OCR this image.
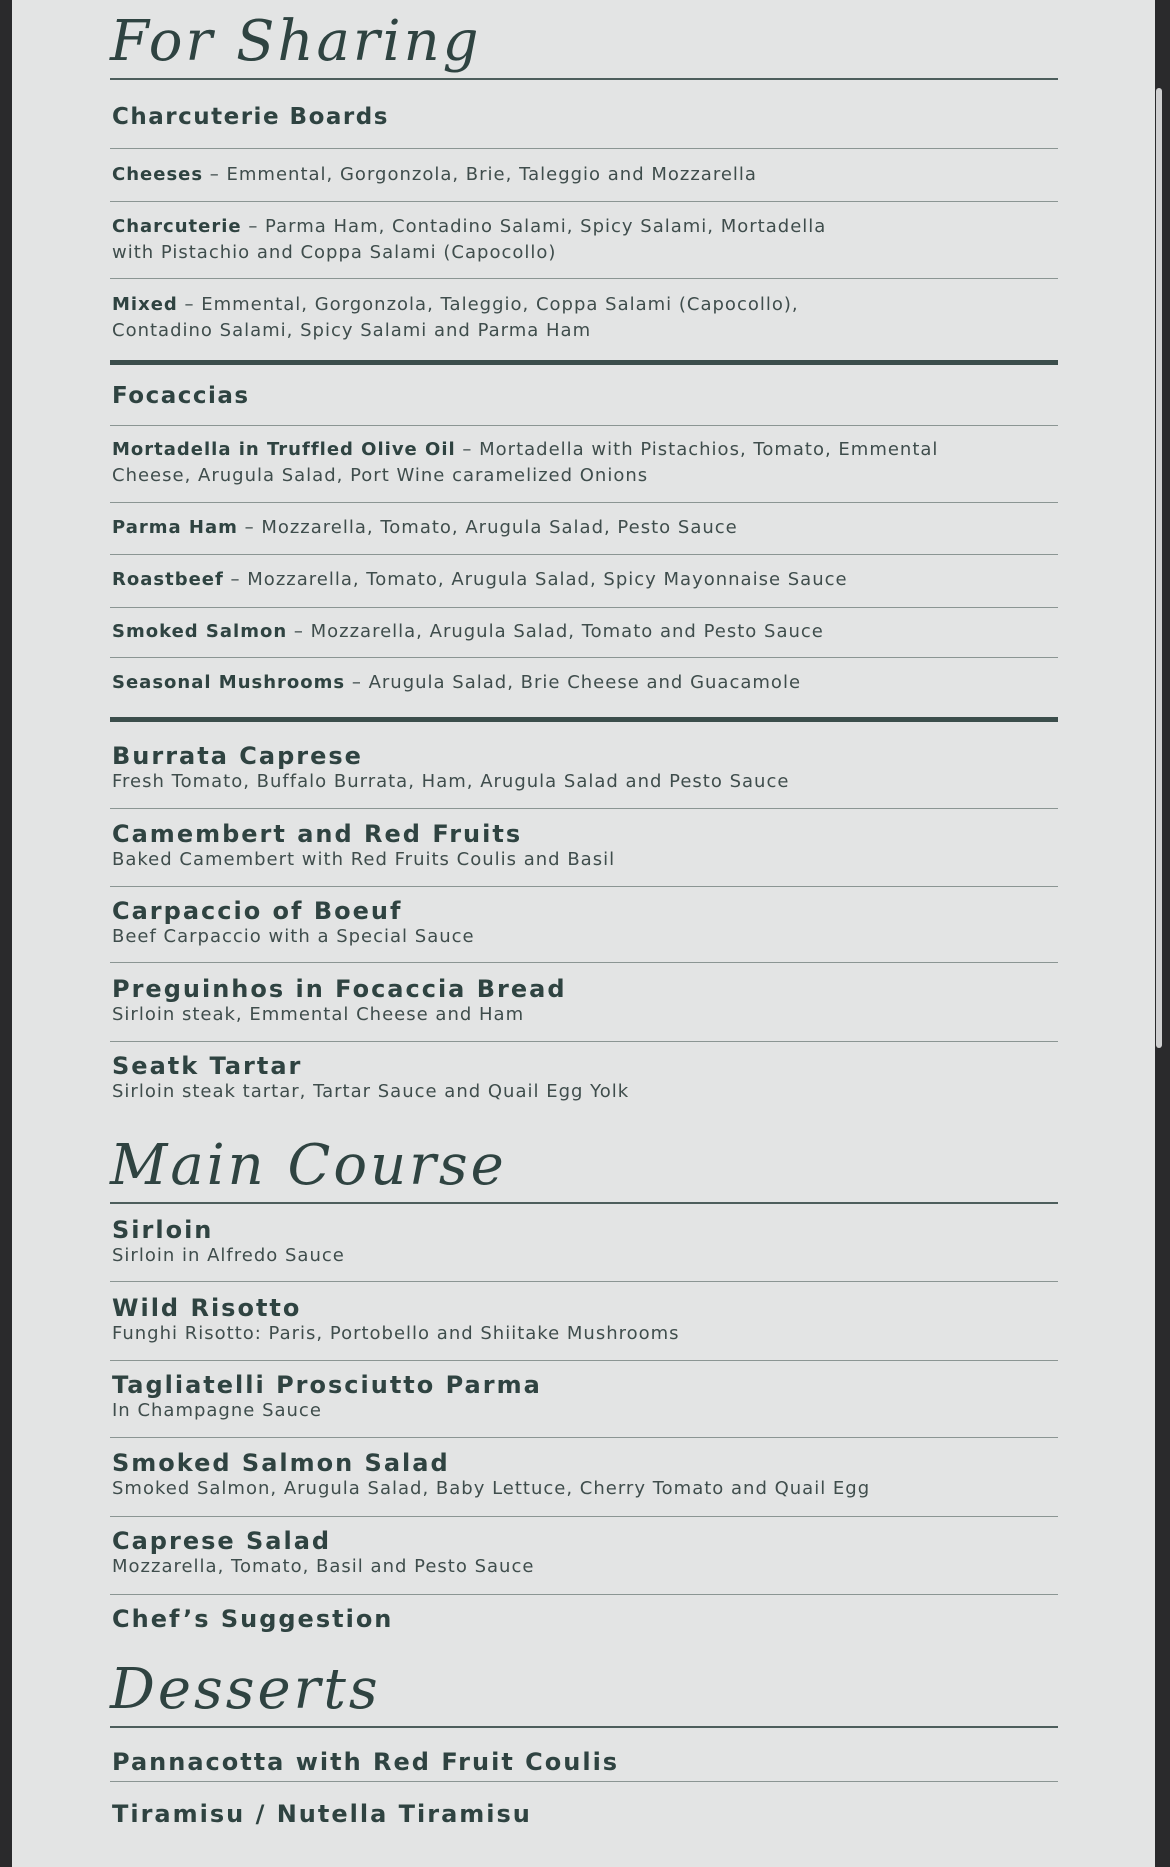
For Sharing
Charcuterie Boards
Cheeses – Emmental, Gorgonzola, Brie, Taleggio and Mozzarella
Charcuterie – Parma Ham, Contadino Salami, Spicy Salami, Mortadella
with Pistachio and Coppa Salami (Capocollo)
Mixed – Emmental, Gorgonzola, Taleggio, Coppa Salami (Capocollo),
Contadino Salami, Spicy Salami and Parma Ham
Focaccias
Mortadella in Truffled Olive Oil – Mortadella with Pistachios, Tomato, Emmental
Cheese, Arugula Salad, Port Wine caramelized Onions
Parma Ham – Mozzarella, Tomato, Arugula Salad, Pesto Sauce
Roastbeef – Mozzarella, Tomato, Arugula Salad, Spicy Mayonnaise Sauce
Smoked Salmon – Mozzarella, Arugula Salad, Tomato and Pesto Sauce
Seasonal Mushrooms – Arugula Salad, Brie Cheese and Guacamole
Burrata Caprese
Fresh Tomato, Buffalo Burrata, Ham, Arugula Salad and Pesto Sauce
Camembert and Red Fruits
Baked Camembert with Red Fruits Coulis and Basil
Carpaccio of Boeuf
Beef Carpaccio with a Special Sauce
Preguinhos in Focaccia Bread
Sirloin steak, Emmental Cheese and Ham
Seatk Tartar
Sirloin steak tartar, Tartar Sauce and Quail Egg Yolk
Main Course
Sirloin
Sirloin in Alfredo Sauce
Wild Risotto
Funghi Risotto: Paris, Portobello and Shiitake Mushrooms
Tagliatelli Prosciutto Parma
In Champagne Sauce
Smoked Salmon Salad
Smoked Salmon, Arugula Salad, Baby Lettuce, Cherry Tomato and Quail Egg
Caprese Salad
Mozzarella, Tomato, Basil and Pesto Sauce
Chef’s Suggestion
Desserts
Pannacotta with Red Fruit Coulis
Tiramisu / Nutella Tiramisu
